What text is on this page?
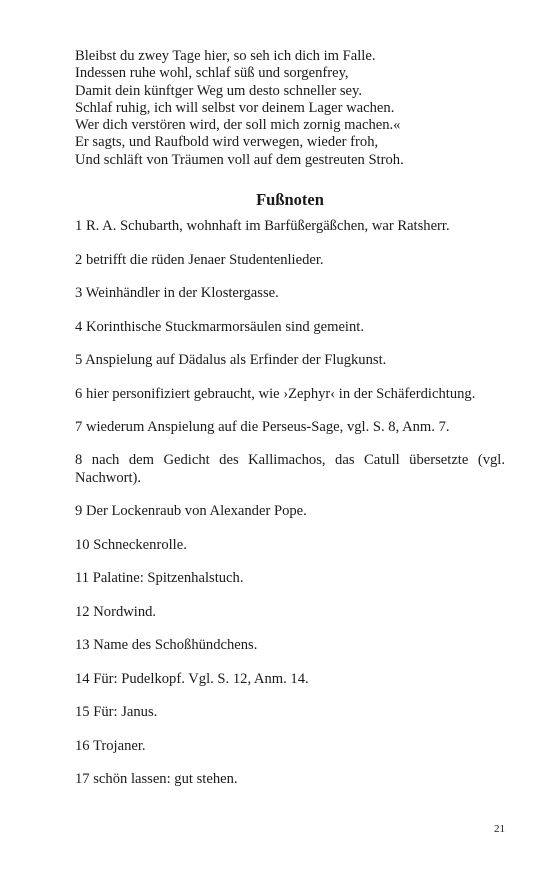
Bleibst du zwey Tage hier, so seh ich dich im Falle.
Indessen ruhe wohl, schlaf süß und sorgenfrey,
Damit dein künftger Weg um desto schneller sey.
Schlaf ruhig, ich will selbst vor deinem Lager wachen.
Wer dich verstören wird, der soll mich zornig machen.«
Er sagts, und Raufbold wird verwegen, wieder froh,
Und schläft von Träumen voll auf dem gestreuten Stroh.
Fußnoten
1 R. A. Schubarth, wohnhaft im Barfüßergäßchen, war Ratsherr.
2 betrifft die rüden Jenaer Studentenlieder.
3 Weinhändler in der Klostergasse.
4 Korinthische Stuckmarmorsäulen sind gemeint.
5 Anspielung auf Dädalus als Erfinder der Flugkunst.
6 hier personifiziert gebraucht, wie ›Zephyr‹ in der Schäferdichtung.
7 wiederum Anspielung auf die Perseus-Sage, vgl. S. 8, Anm. 7.
8 nach dem Gedicht des Kallimachos, das Catull übersetzte (vgl. Nachwort).
9 Der Lockenraub von Alexander Pope.
10 Schneckenrolle.
11 Palatine: Spitzenhalstuch.
12 Nordwind.
13 Name des Schoßhündchens.
14 Für: Pudelkopf. Vgl. S. 12, Anm. 14.
15 Für: Janus.
16 Trojaner.
17 schön lassen: gut stehen.
21
